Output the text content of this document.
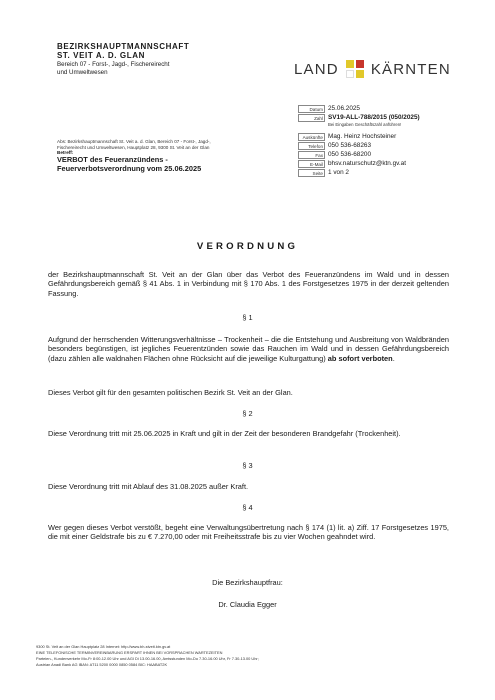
BEZIRKSHAUPTMANNSCHAFT
ST. VEIT A. D. GLAN
Bereich 07 - Forst-, Jagd-, Fischereirecht
und Umweltwesen	LAND KÄRNTEN
Datum 25.06.2025
Zahl SV19-ALL-788/2015 (050/2025)
Bei Eingaben Geschäftszahl anführen!
Auskünfte Mag. Heinz Hochsteiner
Telefon 050 536-68263
Fax 050 536-68200
E-Mail bhsv.naturschutz@ktn.gv.at
Seite 1 von 2
Abs: Bezirkshauptmannschaft St. Veit a. d. Glan, Bereich 07 - Forst-, Jagd-,
Fischereirecht und Umweltwesen, Hauptplatz 28, 9300 St. Veit an der Glan
Betreff:
VERBOT des Feueranzündens -
Feuerverbotsverordnung vom 25.06.2025
VERORDNUNG
der Bezirkshauptmannschaft St. Veit an der Glan über das Verbot des Feueranzündens im Wald und in dessen Gefährdungsbereich gemäß § 41 Abs. 1 in Verbindung mit § 170 Abs. 1 des Forstgesetzes 1975 in der derzeit geltenden Fassung.
§ 1
Aufgrund der herrschenden Witterungsverhältnisse – Trockenheit – die die Entstehung und Ausbreitung von Waldbränden besonders begünstigen, ist jegliches Feuerentzünden sowie das Rauchen im Wald und in dessen Gefährdungsbereich (dazu zählen alle waldnahen Flächen ohne Rücksicht auf die jeweilige Kulturgattung) ab sofort verboten.
Dieses Verbot gilt für den gesamten politischen Bezirk St. Veit an der Glan.
§ 2
Diese Verordnung tritt mit 25.06.2025 in Kraft und gilt in der Zeit der besonderen Brandgefahr (Trockenheit).
§ 3
Diese Verordnung tritt mit Ablauf des 31.08.2025 außer Kraft.
§ 4
Wer gegen dieses Verbot verstößt, begeht eine Verwaltungsübertretung nach § 174 (1) lit. a) Ziff. 17 Forstgesetzes 1975, die mit einer Geldstrafe bis zu € 7.270,00 oder mit Freiheitsstrafe bis zu vier Wochen geahndet wird.
Die Bezirkshauptfrau:
Dr. Claudia Egger
9300 St. Veit an der Glan Hauptplatz 28 Internet: http://www.bh-stveit.ktn.gv.at
EINE TELEFONISCHE TERMINVEREINBARUNG ERSPART IHNEN BEI VORSPRACHEN WARTEZEITEN
Parteien-, Kundenverkehr Mo-Fr 8:00-12.00 Uhr und AGI Di 13.00-16.00, Amtsstunden Mo-Do 7.30-16.00 Uhr, Fr 7.30-13.00 Uhr;
Austrian Anadi Bank AG IBAN: AT11 5200 0000 0850 0584 BIC: HAABAT2K
